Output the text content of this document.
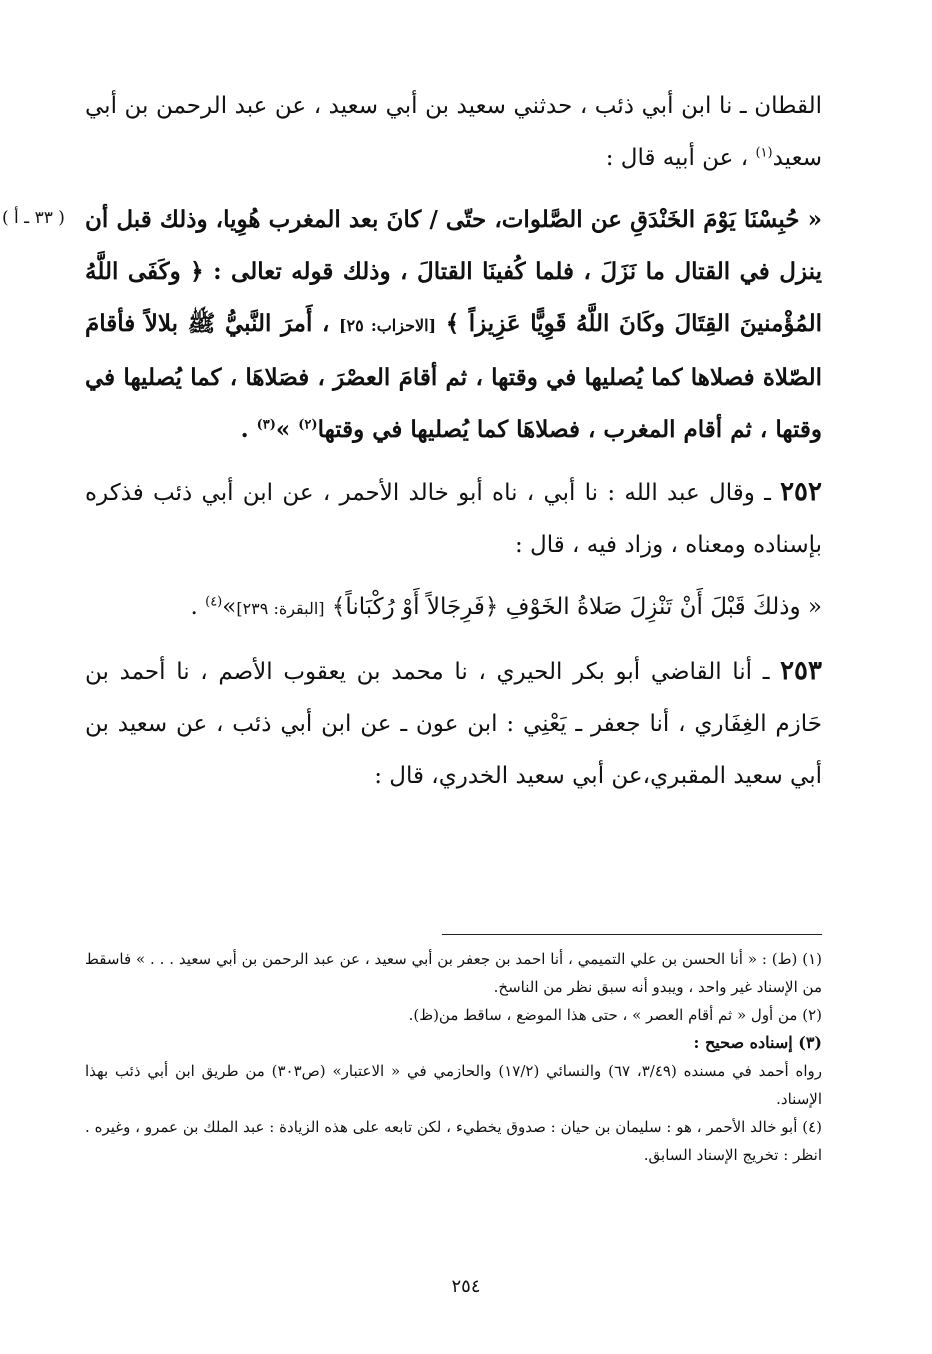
( ٣٣ ـ أ )

القطان ـ نا ابن أبي ذئب ، حدثني سعيد بن أبي سعيد ، عن عبد الرحمن بن أبي سعيد$^{(١)}$ ، عن أبيه قال :

« حُبِسْنَا يَوْمَ الخَنْدَقِ عن الصَّلوات، حتّى / كانَ بعد المغرب هُوِيا، وذلك قبل أن ينزل في القتال ما نَزَلَ ، فلما كُفينَا القتالَ ، وذلك قوله تعالى : ﴿ وكَفَى اللَّهُ المُؤْمنينَ القِتَالَ وكَانَ اللَّهُ قَوِيًّا عَزِيزاً ﴾ [الاحزاب: ٢٥] ، أَمرَ النَّبيُّ ﷺ بلالاً فأقامَ الصّلاة فصلاها كما يُصليها في وقتها ، ثم أقامَ العصْرَ ، فصَلاهَا ، كما يُصليها في وقتها ، ثم أقام المغرب ، فصلاهَا كما يُصليها في وقتها$^{(٢)}$ »$^{(٣)}$ .

٢٥٢ ـ وقال عبد الله : نا أبي ، ناه أبو خالد الأحمر ، عن ابن أبي ذئب فذكره بإسناده ومعناه ، وزاد فيه ، قال :

« وذلكَ قَبْلَ أَنْ تَنْزِلَ صَلاةُ الخَوْفِ ﴿فَرِجَالاً أَوْ رُكْبَاناً﴾ [البقرة: ٢٣٩]»$^{(٤)}$ .

٢٥٣ ـ أنا القاضي أبو بكر الحيري ، نا محمد بن يعقوب الأصم ، نا أحمد بن حَازم الغِفَاري ، أنا جعفر ـ يَعْنِي : ابن عون ـ عن ابن أبي ذئب ، عن سعيد بن أبي سعيد المقبري،عن أبي سعيد الخدري، قال :

(١) (ط) : « أنا الحسن بن علي التميمي ، أنا احمد بن جعفر بن أبي سعيد ، عن عبد الرحمن بن أبي سعيد . . . » فاسقط من الإسناد غير واحد ، ويبدو أنه سبق نظر من الناسخ.

(٢) من أول « ثم أقام العصر » ، حتى هذا الموضع ، ساقط من(ظ).

(٣) إسناده صحيح :

رواه أحمد في مسنده (٣/٤٩، ٦٧) والنسائي (١٧/٢) والحازمي في « الاعتبار» (ص٣٠٣) من طريق ابن أبي ذئب بهذا الإسناد.

(٤) أبو خالد الأحمر ، هو : سليمان بن حيان : صدوق يخطيء ، لكن تابعه على هذه الزيادة : عبد الملك بن عمرو ، وغيره . انظر : تخريج الإسناد السابق.

٢٥٤
